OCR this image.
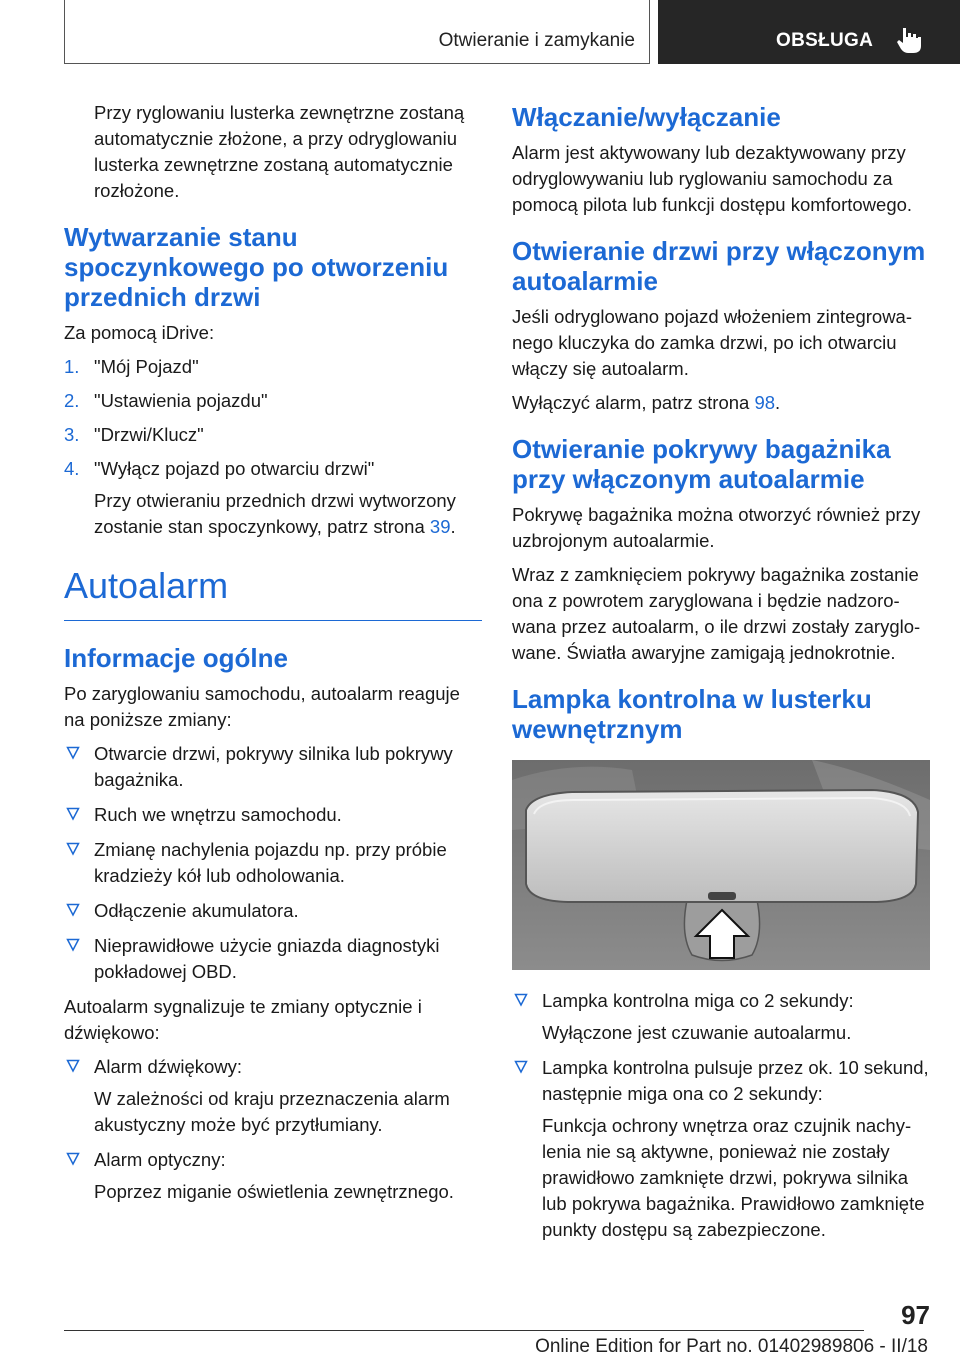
Otwieranie i zamykanie	OBSŁUGA

Przy ryglowaniu lusterka zewnętrzne zostaną automatycznie złożone, a przy odryglowaniu lusterka zewnętrzne zostaną automatycznie rozłożone.

Wytwarzanie stanu spoczynkowego po otworzeniu przednich drzwi

Za pomocą iDrive:

1. "Mój Pojazd"
2. "Ustawienia pojazdu"
3. "Drzwi/Klucz"
4. "Wyłącz pojazd po otwarciu drzwi"
Przy otwieraniu przednich drzwi wytworzony zostanie stan spoczynkowy, patrz strona 39.
Autoalarm
Informacje ogólne

Po zaryglowaniu samochodu, autoalarm reaguje na poniższe zmiany:

Otwarcie drzwi, pokrywy silnika lub pokrywy bagażnika.
Ruch we wnętrzu samochodu.
Zmianę nachylenia pojazdu np. przy próbie kradzieży kół lub odholowania.
Odłączenie akumulatora.
Nieprawidłowe użycie gniazda diagnostyki pokładowej OBD.

Autoalarm sygnalizuje te zmiany optycznie i dźwiękowo:

Alarm dźwiękowy:
W zależności od kraju przeznaczenia alarm akustyczny może być przytłumiany.
Alarm optyczny:
Poprzez miganie oświetlenia zewnętrznego.
Włączanie/wyłączanie

Alarm jest aktywowany lub dezaktywowany przy odryglowywaniu lub ryglowaniu samochodu za pomocą pilota lub funkcji dostępu komfortowego.

Otwieranie drzwi przy włączonym autoalarmie

Jeśli odryglowano pojazd włożeniem zintegrowanego kluczyka do zamka drzwi, po ich otwarciu włączy się autoalarm.

Wyłączyć alarm, patrz strona 98.

Otwieranie pokrywy bagażnika przy włączonym autoalarmie

Pokrywę bagażnika można otworzyć również przy uzbrojonym autoalarmie.

Wraz z zamknięciem pokrywy bagażnika zostanie ona z powrotem zaryglowana i będzie nadzorowana przez autoalarm, o ile drzwi zostały zaryglowane. Światła awaryjne zamigają jednokrotnie.

Lampka kontrolna w lusterku wewnętrznym
Lampka kontrolna miga co 2 sekundy:
Wyłączone jest czuwanie autoalarmu.
Lampka kontrolna pulsuje przez ok. 10 sekund, następnie miga ona co 2 sekundy:
Funkcja ochrony wnętrza oraz czujnik nachylenia nie są aktywne, ponieważ nie zostały prawidłowo zamknięte drzwi, pokrywa silnika lub pokrywa bagażnika. Prawidłowo zamknięte punkty dostępu są zabezpieczone.
97
Online Edition for Part no. 01402989806 - II/18
